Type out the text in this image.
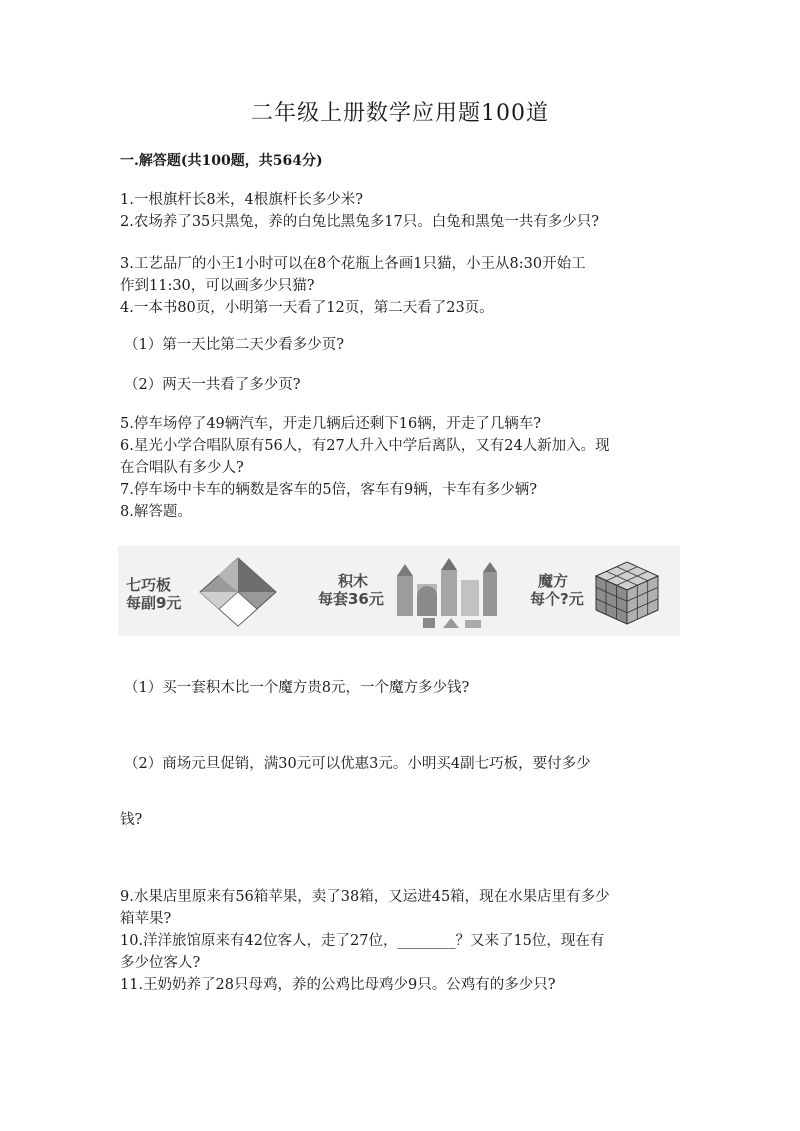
二年级上册数学应用题100道
一.解答题(共100题，共564分)
1.一根旗杆长8米，4根旗杆长多少米?
2.农场养了35只黑兔，养的白兔比黑兔多17只。白兔和黑兔一共有多少只?
3.工艺品厂的小王1小时可以在8个花瓶上各画1只猫，小王从8:30开始工
作到11:30，可以画多少只猫?
4.一本书80页，小明第一天看了12页，第二天看了23页。
（1）第一天比第二天少看多少页?
（2）两天一共看了多少页?
5.停车场停了49辆汽车，开走几辆后还剩下16辆，开走了几辆车?
6.星光小学合唱队原有56人，有27人升入中学后离队，又有24人新加入。现
在合唱队有多少人?
7.停车场中卡车的辆数是客车的5倍，客车有9辆，卡车有多少辆?
8.解答题。
七巧板
每副9元
积木
每套36元
魔方
每个?元
（1）买一套积木比一个魔方贵8元，一个魔方多少钱?
（2）商场元旦促销，满30元可以优惠3元。小明买4副七巧板，要付多少
钱?
9.水果店里原来有56箱苹果，卖了38箱，又运进45箱，现在水果店里有多少
箱苹果?
10.洋洋旅馆原来有42位客人，走了27位，________？又来了15位，现在有
多少位客人?
11.王奶奶养了28只母鸡，养的公鸡比母鸡少9只。公鸡有的多少只?
